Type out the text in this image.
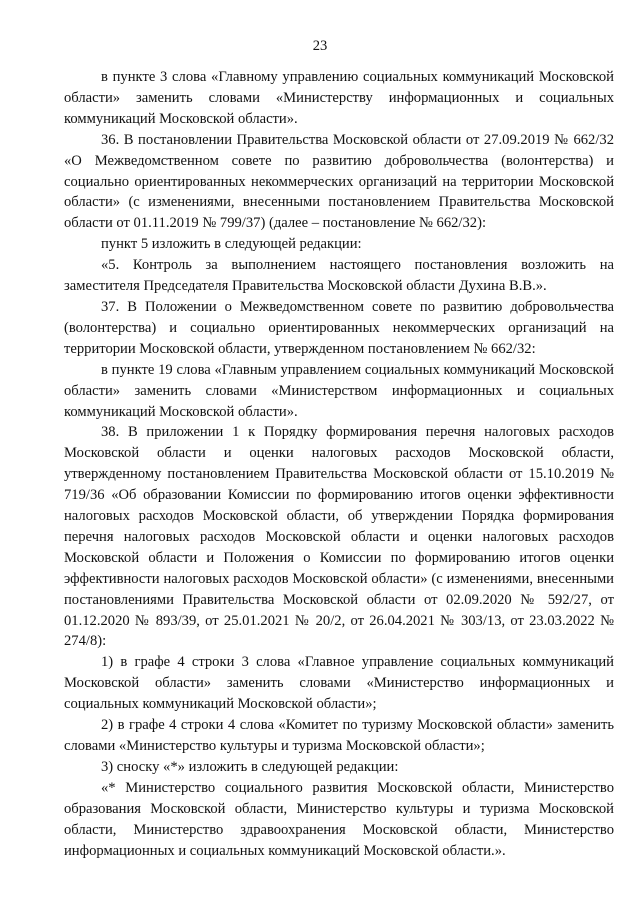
23

в пункте 3 слова «Главному управлению социальных коммуникаций Московской области» заменить словами «Министерству информационных и социальных коммуникаций Московской области».

36. В постановлении Правительства Московской области от 27.09.2019 № 662/32 «О Межведомственном совете по развитию добровольчества (волонтерства) и социально ориентированных некоммерческих организаций на территории Московской области» (с изменениями, внесенными постановлением Правительства Московской области от 01.11.2019 № 799/37) (далее – постановление № 662/32):

пункт 5 изложить в следующей редакции:

«5. Контроль за выполнением настоящего постановления возложить на заместителя Председателя Правительства Московской области Духина В.В.».

37. В Положении о Межведомственном совете по развитию добровольчества (волонтерства) и социально ориентированных некоммерческих организаций на территории Московской области, утвержденном постановлением № 662/32:

в пункте 19 слова «Главным управлением социальных коммуникаций Московской области» заменить словами «Министерством информационных и социальных коммуникаций Московской области».

38. В приложении 1 к Порядку формирования перечня налоговых расходов Московской области и оценки налоговых расходов Московской области, утвержденному постановлением Правительства Московской области от 15.10.2019 № 719/36 «Об образовании Комиссии по формированию итогов оценки эффективности налоговых расходов Московской области, об утверждении Порядка формирования перечня налоговых расходов Московской области и оценки налоговых расходов Московской области и Положения о Комиссии по формированию итогов оценки эффективности налоговых расходов Московской области» (с изменениями, внесенными постановлениями Правительства Московской области от 02.09.2020 № 592/27, от 01.12.2020 № 893/39, от 25.01.2021 № 20/2, от 26.04.2021 № 303/13, от 23.03.2022 № 274/8):

1) в графе 4 строки 3 слова «Главное управление социальных коммуникаций Московской области» заменить словами «Министерство информационных и социальных коммуникаций Московской области»;

2) в графе 4 строки 4 слова «Комитет по туризму Московской области» заменить словами «Министерство культуры и туризма Московской области»;

3) сноску «*» изложить в следующей редакции:

«* Министерство социального развития Московской области, Министерство образования Московской области, Министерство культуры и туризма Московской области, Министерство здравоохранения Московской области, Министерство информационных и социальных коммуникаций Московской области.».
